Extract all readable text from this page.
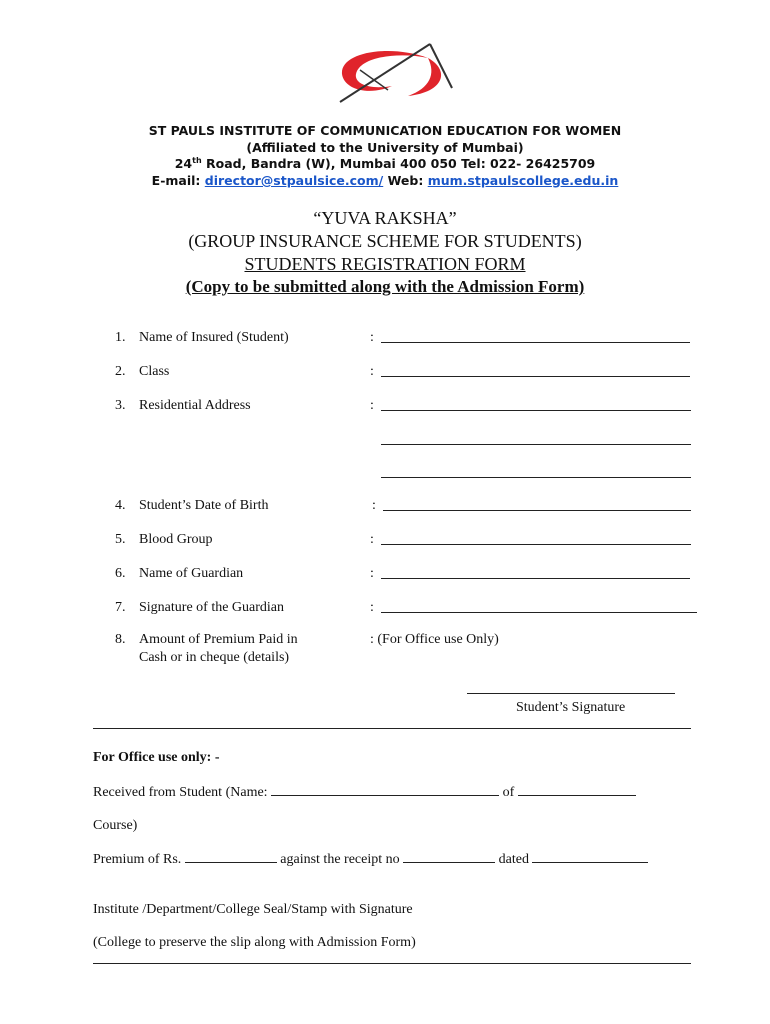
ST PAULS INSTITUTE OF COMMUNICATION EDUCATION FOR WOMEN
(Affiliated to the University of Mumbai)
24th Road, Bandra (W), Mumbai 400 050 Tel: 022- 26425709
E-mail: director@stpaulsice.com/ Web: mum.stpaulscollege.edu.in
“YUVA RAKSHA”
(GROUP INSURANCE SCHEME FOR STUDENTS)
STUDENTS REGISTRATION FORM
(Copy to be submitted along with the Admission Form)
1. Name of Insured (Student)	:
2. Class	:
3. Residential Address	:
4. Student’s Date of Birth	:
5. Blood Group	:
6. Name of Guardian	:
7. Signature of the Guardian	:
8. Amount of Premium Paid in
Cash or in cheque (details)
: (For Office use Only)
Student’s Signature
For Office use only: -
Received from Student (Name:	of
Course)
Premium of Rs.	against the receipt no	dated
Institute /Department/College Seal/Stamp with Signature
(College to preserve the slip along with Admission Form)
